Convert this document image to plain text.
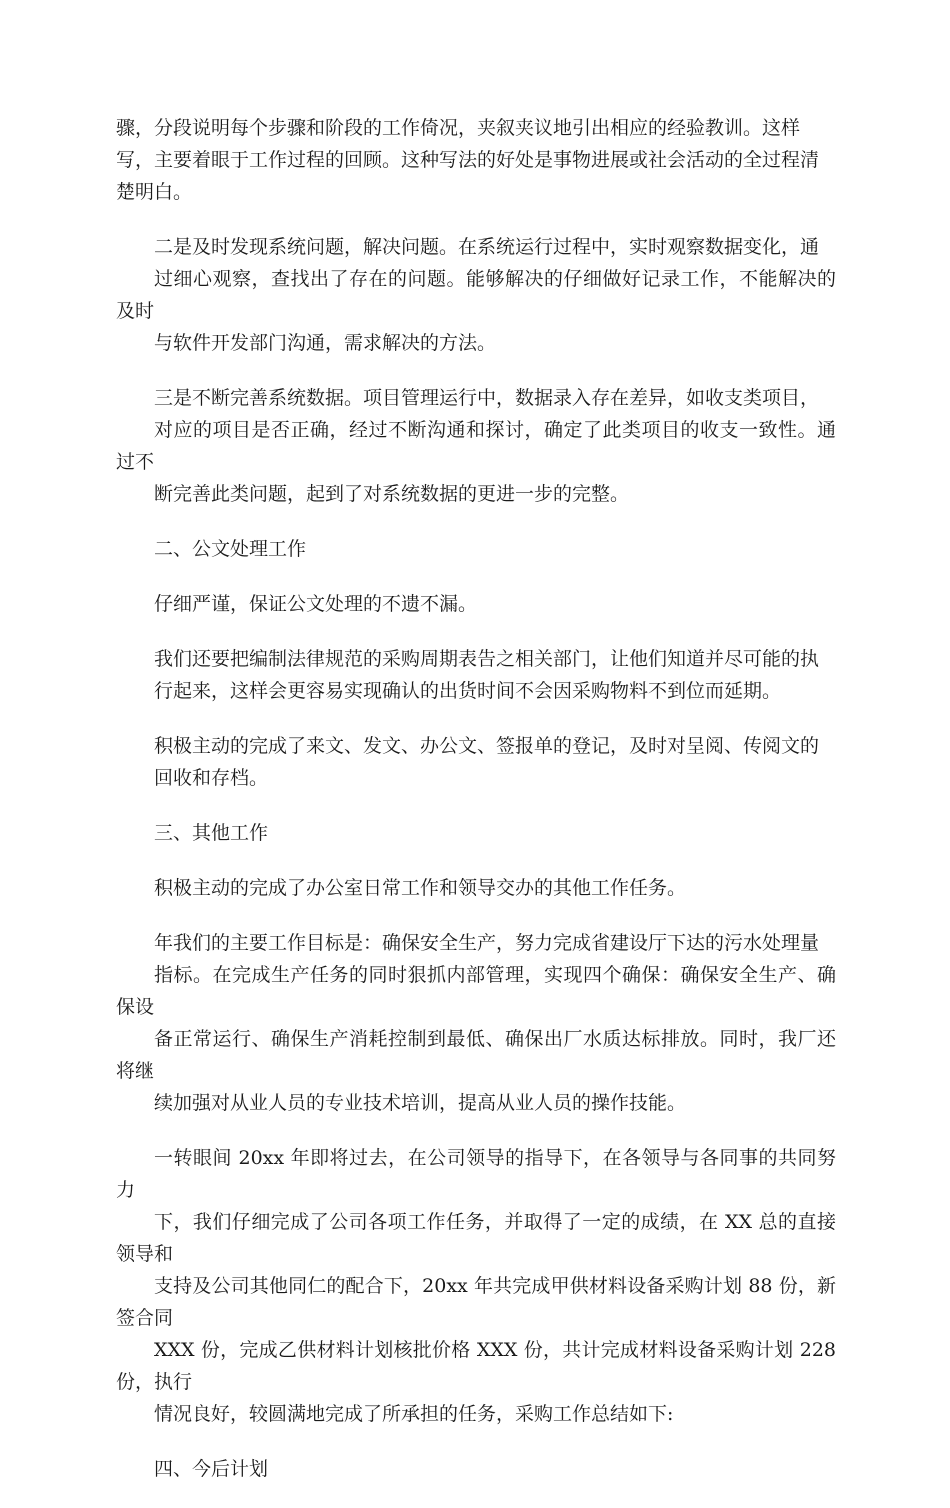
骤，分段说明每个步骤和阶段的工作倚况，夹叙夹议地引出相应的经验教训。这样
写，主要着眼于工作过程的回顾。这种写法的好处是事物进展或社会活动的全过程清
楚明白。

二是及时发现系统问题，解决问题。在系统运行过程中，实时观察数据变化，通
过细心观察，查找出了存在的问题。能够解决的仔细做好记录工作，不能解决的及时
与软件开发部门沟通，需求解决的方法。

三是不断完善系统数据。项目管理运行中，数据录入存在差异，如收支类项目，
对应的项目是否正确，经过不断沟通和探讨，确定了此类项目的收支一致性。通过不
断完善此类问题，起到了对系统数据的更进一步的完整。

二、公文处理工作

仔细严谨，保证公文处理的不遗不漏。

我们还要把编制法律规范的采购周期表告之相关部门，让他们知道并尽可能的执
行起来，这样会更容易实现确认的出货时间不会因采购物料不到位而延期。

积极主动的完成了来文、发文、办公文、签报单的登记，及时对呈阅、传阅文的
回收和存档。

三、其他工作

积极主动的完成了办公室日常工作和领导交办的其他工作任务。

年我们的主要工作目标是：确保安全生产，努力完成省建设厅下达的污水处理量
指标。在完成生产任务的同时狠抓内部管理，实现四个确保：确保安全生产、确保设
备正常运行、确保生产消耗控制到最低、确保出厂水质达标排放。同时，我厂还将继
续加强对从业人员的专业技术培训，提高从业人员的操作技能。

一转眼间 20xx 年即将过去，在公司领导的指导下，在各领导与各同事的共同努力
下，我们仔细完成了公司各项工作任务，并取得了一定的成绩，在 XX 总的直接领导和
支持及公司其他同仁的配合下，20xx 年共完成甲供材料设备采购计划 88 份，新签合同
XXX 份，完成乙供材料计划核批价格 XXX 份，共计完成材料设备采购计划 228 份，执行
情况良好，较圆满地完成了所承担的任务，采购工作总结如下:

四、今后计划
